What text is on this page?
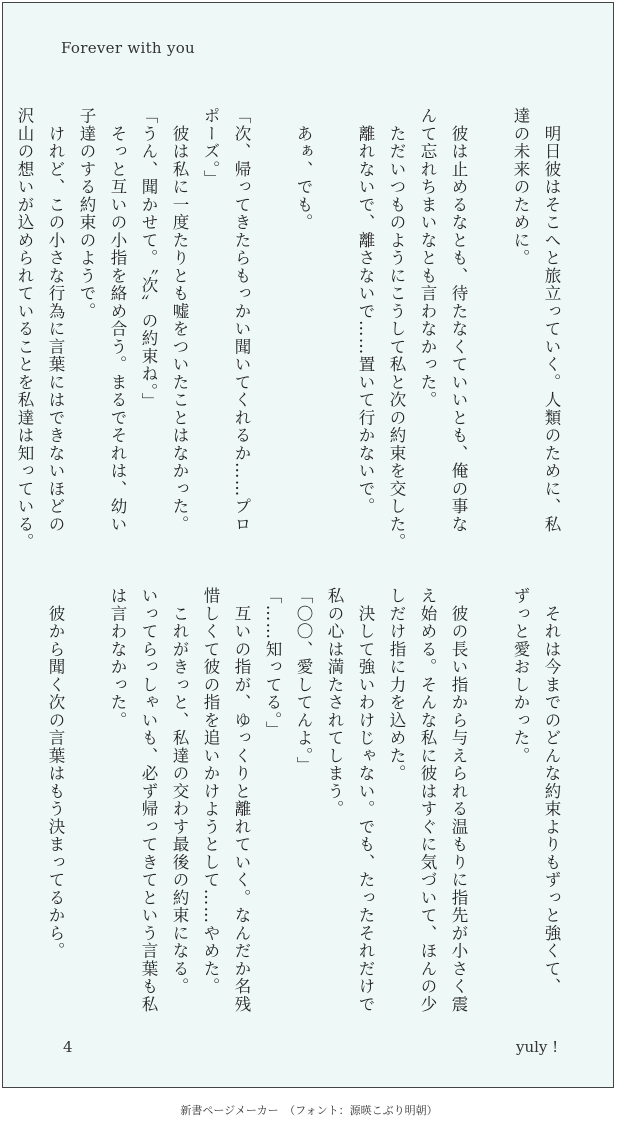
Forever with you
　明日彼はそこへと旅立っていく。人類のために、私
達の未来のために。

　彼は止めるなとも、待たなくていいとも、俺の事な
んて忘れちまいなとも言わなかった。
　ただいつものようにこうして私と次の約束を交した。
　離れないで、離さないで……置いて行かないで。

　あぁ、でも。

「次、帰ってきたらもっかい聞いてくれるか……プロ
ポーズ。」
　彼は私に一度たりとも嘘をついたことはなかった。
「うん、聞かせて。〝次〟の約束ね。」
　そっと互いの小指を絡め合う。まるでそれは、幼い
子達のする約束のようで。
　けれど、この小さな行為に言葉にはできないほどの
沢山の想いが込められていることを私達は知っている。
　それは今までのどんな約束よりもずっと強くて、
ずっと愛おしかった。

　彼の長い指から与えられる温もりに指先が小さく震
え始める。そんな私に彼はすぐに気づいて、ほんの少
しだけ指に力を込めた。
　決して強いわけじゃない。でも、たったそれだけで
私の心は満たされてしまう。
「〇〇、愛してんよ。」
「……知ってる。」
　互いの指が、ゆっくりと離れていく。なんだか名残
惜しくて彼の指を追いかけようとして……やめた。
　これがきっと、私達の交わす最後の約束になる。
いってらっしゃいも、必ず帰ってきてという言葉も私
は言わなかった。

　彼から聞く次の言葉はもう決まってるから。
4	yuly !
新書ページメーカー　（フォント：源暎こぶり明朝）
